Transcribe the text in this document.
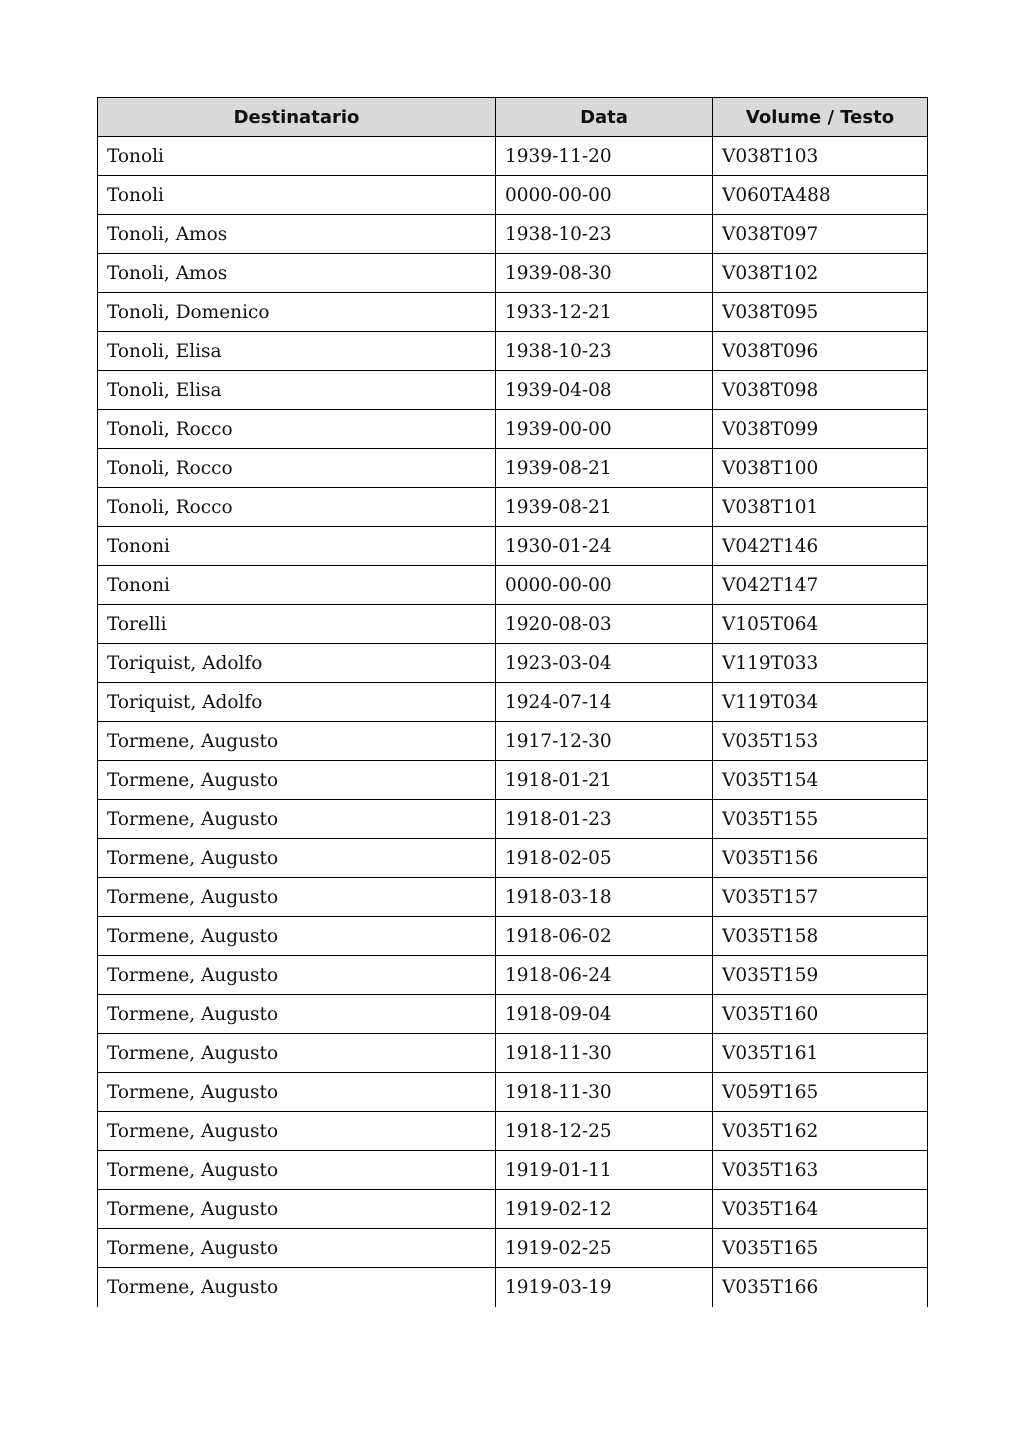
Destinatario	Data	Volume / Testo
Tonoli	1939-11-20	V038T103
Tonoli	0000-00-00	V060TA488
Tonoli, Amos	1938-10-23	V038T097
Tonoli, Amos	1939-08-30	V038T102
Tonoli, Domenico	1933-12-21	V038T095
Tonoli, Elisa	1938-10-23	V038T096
Tonoli, Elisa	1939-04-08	V038T098
Tonoli, Rocco	1939-00-00	V038T099
Tonoli, Rocco	1939-08-21	V038T100
Tonoli, Rocco	1939-08-21	V038T101
Tononi	1930-01-24	V042T146
Tononi	0000-00-00	V042T147
Torelli	1920-08-03	V105T064
Toriquist, Adolfo	1923-03-04	V119T033
Toriquist, Adolfo	1924-07-14	V119T034
Tormene, Augusto	1917-12-30	V035T153
Tormene, Augusto	1918-01-21	V035T154
Tormene, Augusto	1918-01-23	V035T155
Tormene, Augusto	1918-02-05	V035T156
Tormene, Augusto	1918-03-18	V035T157
Tormene, Augusto	1918-06-02	V035T158
Tormene, Augusto	1918-06-24	V035T159
Tormene, Augusto	1918-09-04	V035T160
Tormene, Augusto	1918-11-30	V035T161
Tormene, Augusto	1918-11-30	V059T165
Tormene, Augusto	1918-12-25	V035T162
Tormene, Augusto	1919-01-11	V035T163
Tormene, Augusto	1919-02-12	V035T164
Tormene, Augusto	1919-02-25	V035T165
Tormene, Augusto	1919-03-19	V035T166
